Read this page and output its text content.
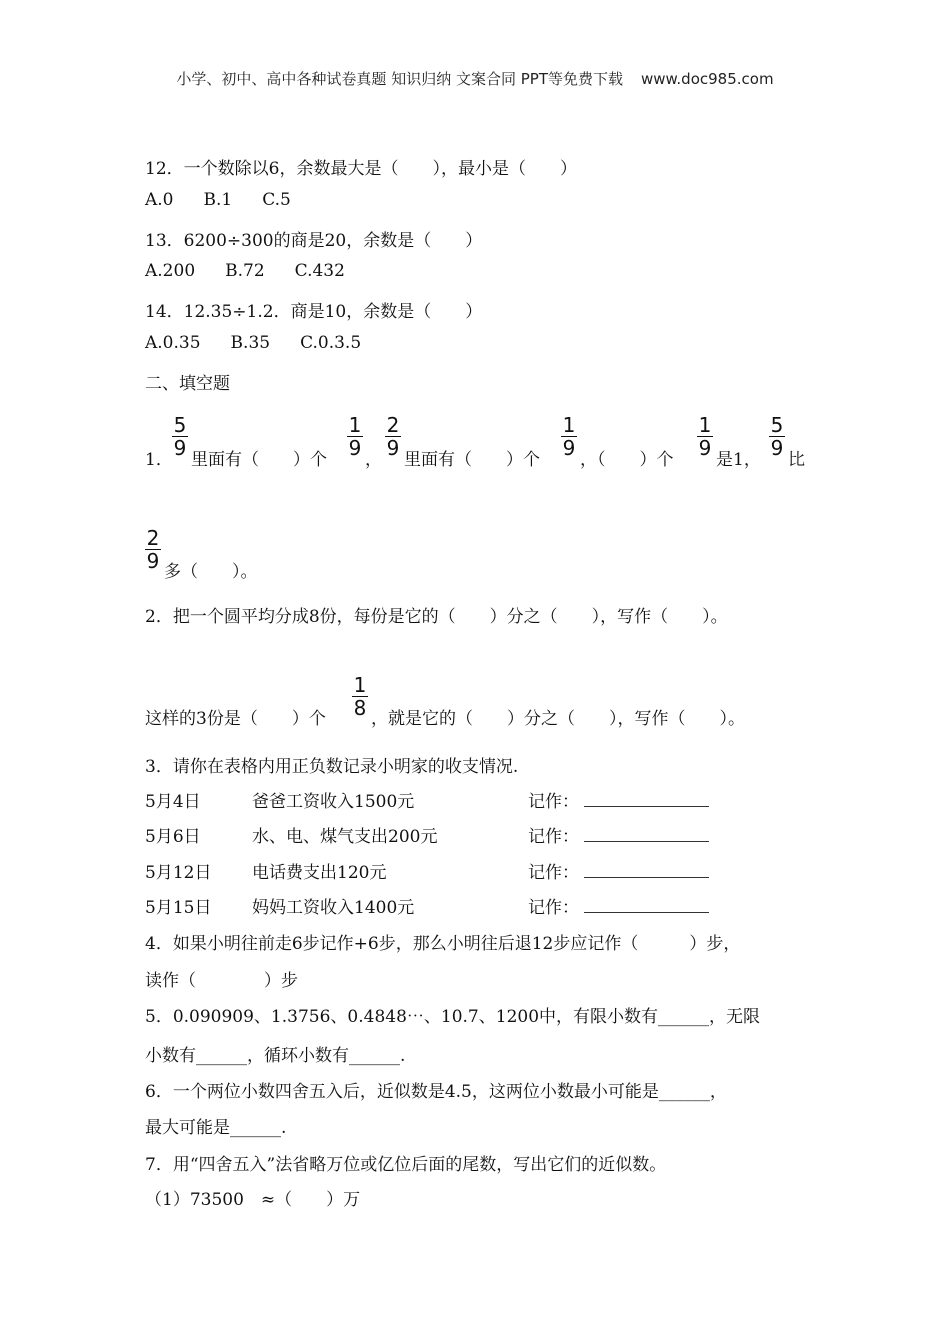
小学、初中、高中各种试卷真题 知识归纳 文案合同 PPT等免费下载 www.doc985.com
12．一个数除以6，余数最大是（　　），最小是（　　）
A.0 B.1 C.5
13．6200÷300的商是20，余数是（　　）
A.200 B.72 C.432
14．12.35÷1.2．商是10，余数是（　　）
A.0.35 B.35 C.0.3.5
二、填空题
1．
5
9 里面有（　　）个
1
9 ，
2
9 里面有（　　）个
1
9 ，（　　）个
1
9 是1，
5
9 比
2
9 多（　　）。
2．把一个圆平均分成8份，每份是它的（　　）分之（　　），写作（　　）。
这样的3份是（　　）个
1
8 ，就是它的（　　）分之（　　），写作（　　）。
3．请你在表格内用正负数记录小明家的收支情况.
5月4日	爸爸工资收入1500元	记作：
5月6日	水、电、煤气支出200元	记作：
5月12日 电话费支出120元	记作：
5月15日 妈妈工资收入1400元	记作：
4．如果小明往前走6步记作+6步，那么小明往后退12步应记作（　　　）步，
读作（　　　　）步
5．0.090909、1.3756、0.4848⋯、10.7、1200中，有限小数有______，无限
小数有______，循环小数有______.
6．一个两位小数四舍五入后，近似数是4.5，这两位小数最小可能是______，
最大可能是______.
7．用“四舍五入”法省略万位或亿位后面的尾数，写出它们的近似数。
（1）73500　≈（　　）万
